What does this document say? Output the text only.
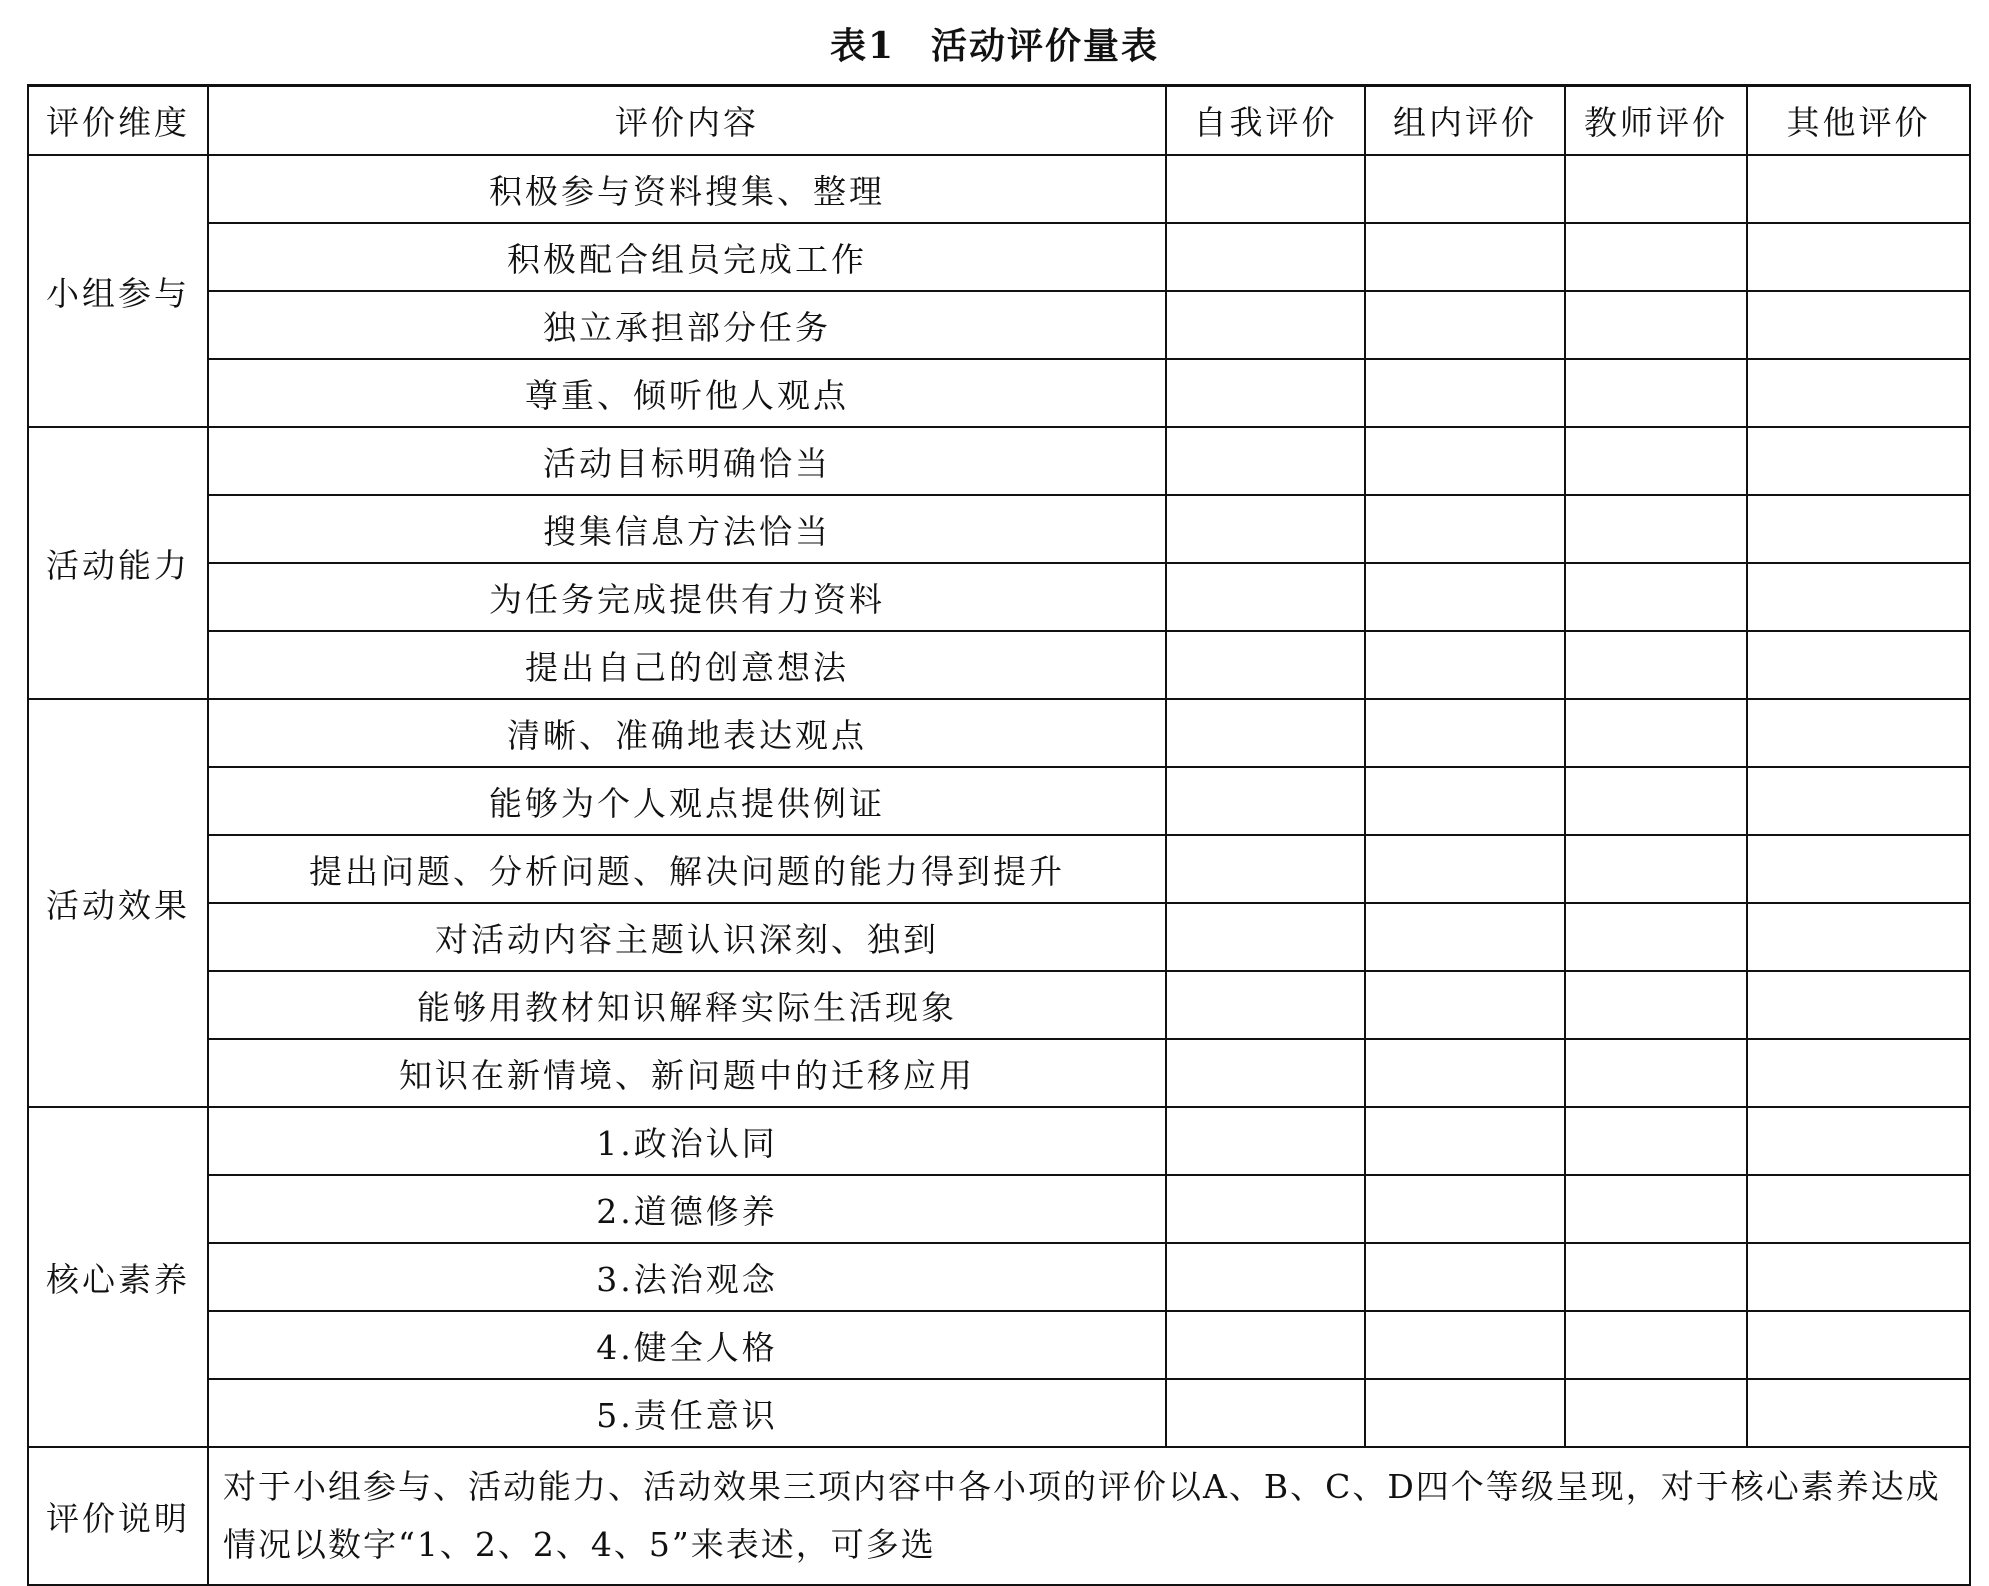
表1 活动评价量表
评价维度	评价内容	自我评价	组内评价	教师评价	其他评价
小组参与	积极参与资料搜集、整理				
	积极配合组员完成工作				
	独立承担部分任务				
	尊重、倾听他人观点				
活动能力	活动目标明确恰当				
	搜集信息方法恰当				
	为任务完成提供有力资料				
	提出自己的创意想法				
活动效果	清晰、准确地表达观点				
	能够为个人观点提供例证				
	提出问题、分析问题、解决问题的能力得到提升				
	对活动内容主题认识深刻、独到				
	能够用教材知识解释实际生活现象				
	知识在新情境、新问题中的迁移应用				
核心素养	1.政治认同				
	2.道德修养				
	3.法治观念				
	4.健全人格				
	5.责任意识				
评价说明	对于小组参与、活动能力、活动效果三项内容中各小项的评价以A、B、C、D四个等级呈现，对于核心素养达成情况以数字“1、2、2、4、5”来表述，可多选				
